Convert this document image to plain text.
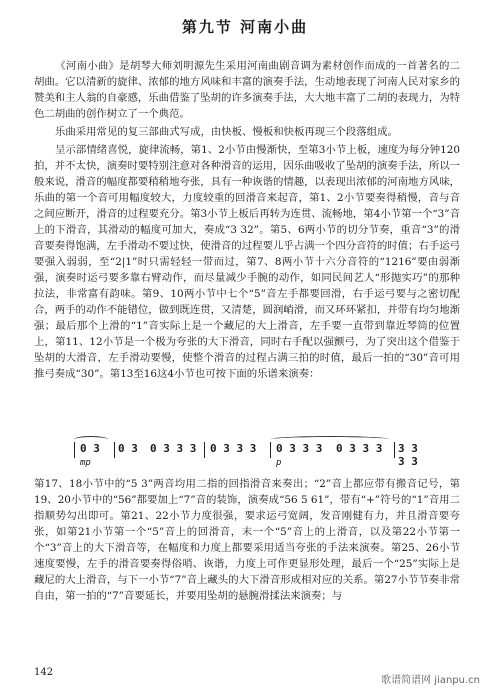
第九节 河南小曲
《河南小曲》是胡琴大师刘明源先生采用河南曲剧音调为素材创作而成的一首著名的二胡曲。它以清新的旋律、浓郁的地方风味和丰富的演奏手法，生动地表现了河南人民对家乡的赞美和主人翁的自豪感，乐曲借鉴了坠胡的许多演奏手法，大大地丰富了二胡的表现力，为特色二胡曲的创作树立了一个典范。
乐曲采用常见的复三部曲式写成，由快板、慢板和快板再现三个段落组成。
呈示部情绪喜悦，旋律流畅，第1、2小节由慢渐快，至第3小节上板，速度为每分钟120拍，并不太快，演奏时要特别注意对各种滑音的运用，因乐曲吸收了坠胡的演奏手法，所以一般来说，滑音的幅度都要稍稍地夸张，具有一种诙谐的情趣，以表现出浓郁的河南地方风味，乐曲的第一个音可用幅度较大，力度较重的回滑音来起音，第1、2小节要奏得稍慢，音与音之间应断开，滑音的过程要充分。第3小节上板后再转为连贯、流畅地，第4小节第一个“3”音上的下滑音，其滑动的幅度可加大，奏成“3 32”。第5、6两小节的切分节奏，重音“3”的滑音要奏得饱满，左手滑动不要过快，使滑音的过程要儿乎占满一个四分音符的时值；右手运弓要强入弱弱，至“2|1”时只需轻轻一带而过，第7、8两小节十六分音符的“1216”要由弱渐强，演奏时运弓要多靠右臂动作，而尽量减少手腕的动作，如同民间艺人“形抛实巧”的那种拉法，非常富有韵味。第9、10两小节中七个“5”音左手都要回滑，右手运弓要与之密切配合，两手的动作不能错位，做到既连贯，又清楚，圆润峭滑，而又环环紧扣，并带有均匀地渐强；最后那个上滑的“1”音实际上是一个藏尼的大上滑音，左手要一直带到靠近琴筒的位置上，第11、12小节是一个极为夸张的大下滑音，同时右手配以强颤弓，为了突出这个借鉴于坠胡的大滑音，左手滑动要慢，使整个滑音的过程占满三拍的时值，最后一拍的“30”音可用推弓奏成“30”。第13至16这4小节也可按下面的乐谱来演奏：
0 3
mp
0 3 0 3 3 3 0 3 3 3 0 3 3 3
p
0 3 3 3 3 3 3 3
第17、18小节中的“5 3”两音均用二指的回指滑音来奏出；“2”音上都应带有搬音记号，第19、20小节中的“56”都要加上“7”音的装饰，演奏成“56 5 61”，带有“+”符号的“1”音用二指顺势勾出即可。第21、22小节力度很强，要求运弓宽阔，发音刚健有力，并且滑音要夸张，如第21小节第一个“5”音上的回滑音，末一个“5”音上的上滑音，以及第22小节第一个“3”音上的大下滑音等，在幅度和力度上都要采用适当夸张的手法来演奏。第25、26小节速度要慢，左手的滑音要奏得俗哨、诙谐，力度上可作更显形处理，最后一个“25”实际上是藏尼的大上滑音，与下一小节“7”音上藏头的大下滑音形成相对应的关系。第27小节节奏非常自由，第一拍的“7”音要延长，并要用坠胡的悬腕滑揉法来演奏；与
142
歌谱简谱网 jianpu.cn
